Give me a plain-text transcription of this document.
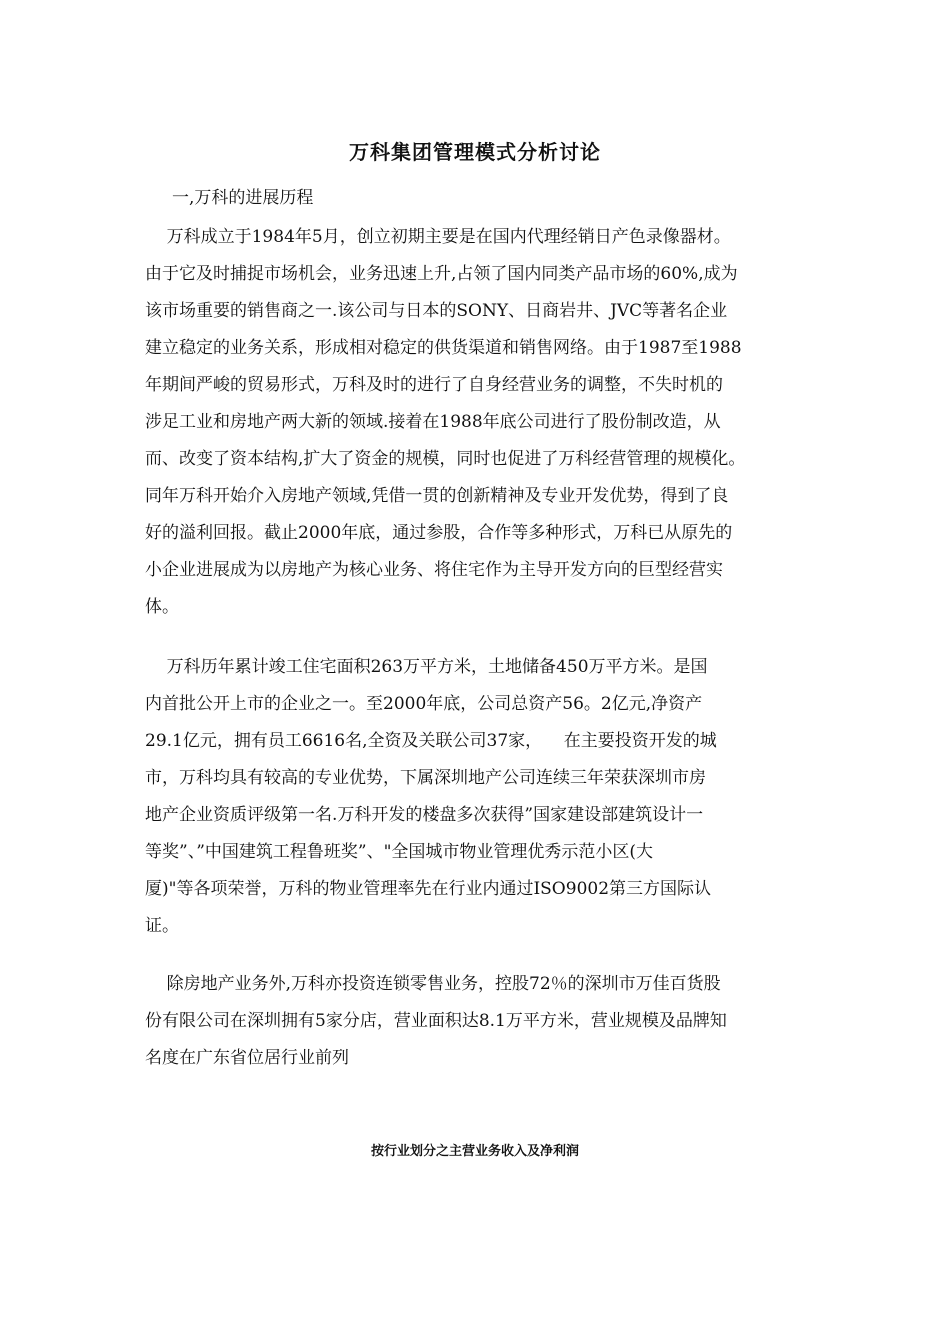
万科集团管理模式分析讨论
一,万科的进展历程
万科成立于1984年5月，创立初期主要是在国内代理经销日产色录像器材。
由于它及时捕捉市场机会，业务迅速上升,占领了国内同类产品市场的60%,成为
该市场重要的销售商之一.该公司与日本的SONY、日商岩井、JVC等著名企业
建立稳定的业务关系，形成相对稳定的供货渠道和销售网络。由于1987至1988
年期间严峻的贸易形式，万科及时的进行了自身经营业务的调整，不失时机的
涉足工业和房地产两大新的领域.接着在1988年底公司进行了股份制改造，从
而、改变了资本结构,扩大了资金的规模，同时也促进了万科经营管理的规模化。
同年万科开始介入房地产领域,凭借一贯的创新精神及专业开发优势，得到了良
好的溢利回报。截止2000年底，通过参股，合作等多种形式，万科已从原先的
小企业进展成为以房地产为核心业务、将住宅作为主导开发方向的巨型经营实
体。
万科历年累计竣工住宅面积263万平方米，土地储备450万平方米。是国
内首批公开上市的企业之一。至2000年底，公司总资产56。2亿元,净资产
29.1亿元，拥有员工6616名,全资及关联公司37家，    在主要投资开发的城
市，万科均具有较高的专业优势，下属深圳地产公司连续三年荣获深圳市房
地产企业资质评级第一名.万科开发的楼盘多次获得”国家建设部建筑设计一
等奖”、”中国建筑工程鲁班奖”、"全国城市物业管理优秀示范小区(大
厦)"等各项荣誉，万科的物业管理率先在行业内通过ISO9002第三方国际认
证。
除房地产业务外,万科亦投资连锁零售业务，控股72％的深圳市万佳百货股
份有限公司在深圳拥有5家分店，营业面积达8.1万平方米，营业规模及品牌知
名度在广东省位居行业前列
按行业划分之主营业务收入及净利润
